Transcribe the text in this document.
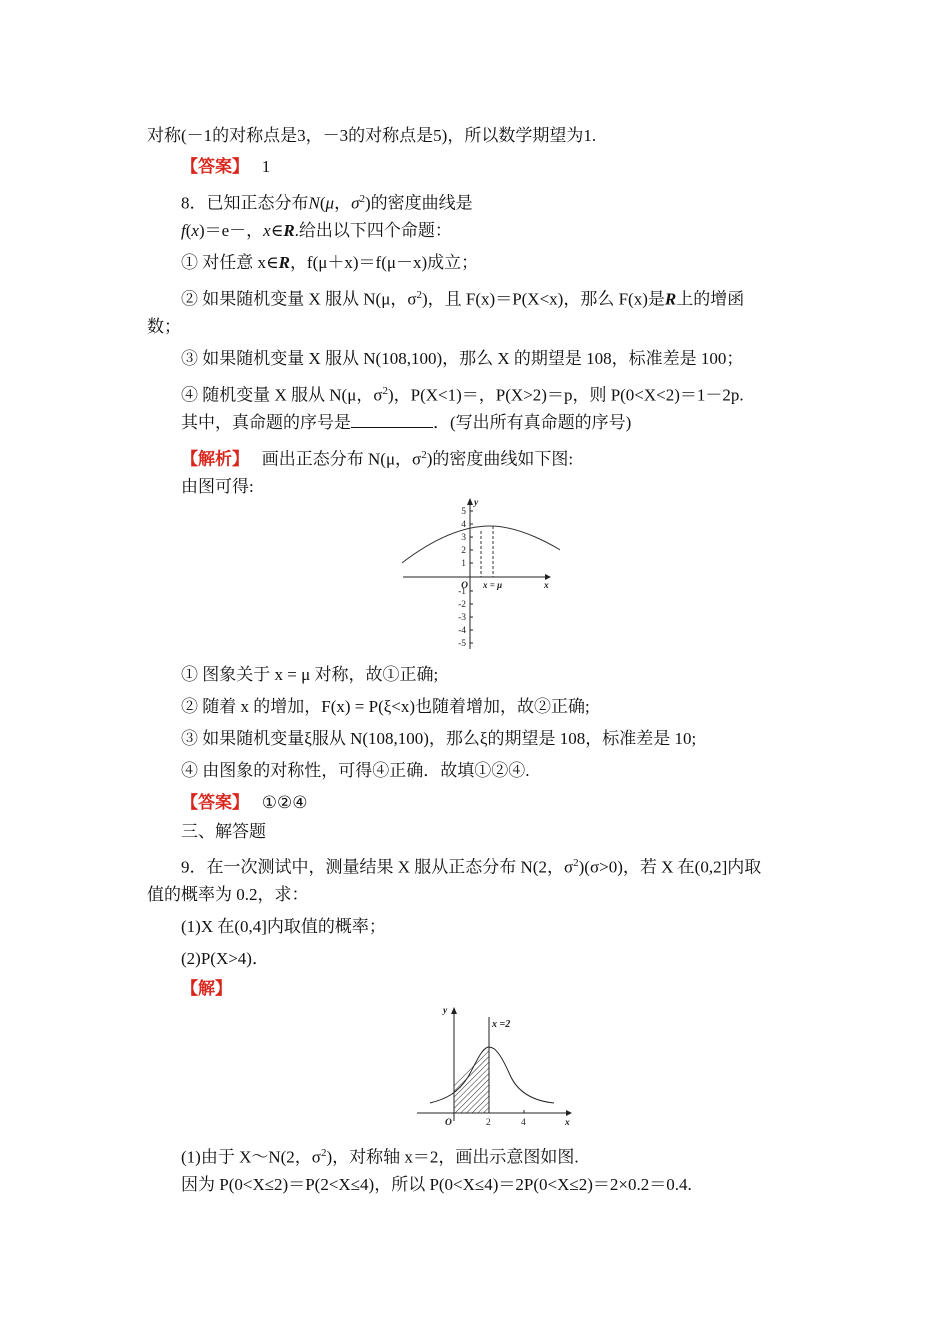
对称(－1的对称点是3，－3的对称点是5)，所以数学期望为1.
【答案】 1
8．已知正态分布N(μ，$\sigma^2$)的密度曲线是
f(x)＝e－，x∈R.给出以下四个命题：
① 对任意 x∈R，f(μ＋x)＝f(μ－x)成立；
② 如果随机变量 X 服从 N(μ，$\sigma^2$)，且 F(x)＝P(X<x)，那么 F(x)是R上的增函
数；
③ 如果随机变量 X 服从 N(108,100)，那么 X 的期望是 108，标准差是 100；
④ 随机变量 X 服从 N(μ，$\sigma^2$)，P(X<1)＝，P(X>2)＝p，则 P(0<X<2)＝1－2p.
其中，真命题的序号是	．(写出所有真命题的序号)
【解析】 画出正态分布 N(μ，$\sigma^2$)的密度曲线如下图:
由图可得:
5
4
3
2
1
-1
-2
-3
-4
-5
y
x
O x = μ
① 图象关于 x = μ 对称，故①正确;
② 随着 x 的增加，F(x) = P(ξ<x)也随着增加，故②正确;
③ 如果随机变量ξ服从 N(108,100)，那么ξ的期望是 108，标准差是 10;
④ 由图象的对称性，可得④正确．故填①②④.
【答案】 ①②④
三、解答题
9．在一次测试中，测量结果 X 服从正态分布 N(2，$\sigma^2)(\sigma>0)$，若 X 在(0,2]内取
值的概率为 0.2，求：
(1)X 在(0,4]内取值的概率；
(2)P(X>4)．
【解】
y
x
O	2	4
x =2
(1)由于 X～N(2，$\sigma^2$)，对称轴 x＝2，画出示意图如图.
因为 P(0<X≤2)＝P(2<X≤4)，所以 P(0<X≤4)＝2P(0<X≤2)＝2×0.2＝0.4.
